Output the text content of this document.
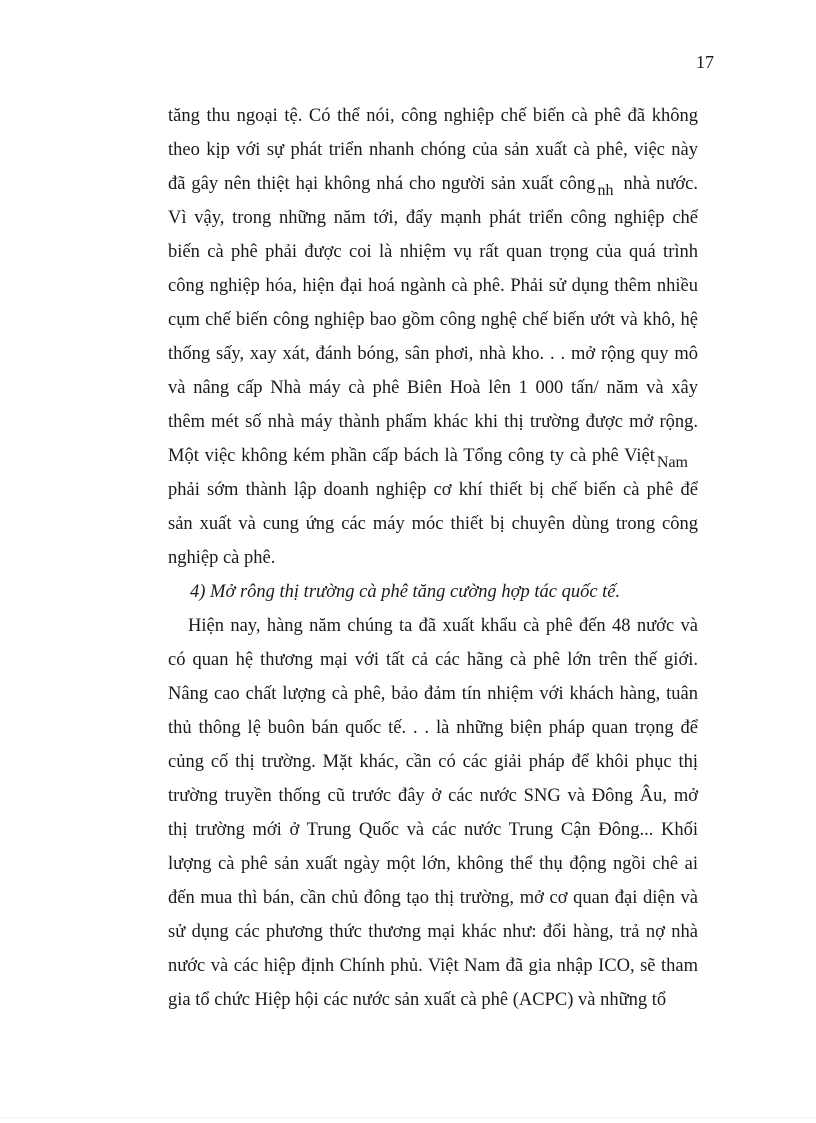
17
tăng thu ngoại tệ. Có thể nói, công nghiệp chế biến cà phê đã không
theo kịp với sự phát triển nhanh chóng của sản xuất cà phê, việc này
đã gây nên thiệt hại không nhá cho người sản xuất công nh nhà nước.
Vì vậy, trong những năm tới, đẩy mạnh phát triển công nghiệp chế
biến cà phê phải được coi là nhiệm vụ rất quan trọng của quá trình
công nghiệp hóa, hiện đại hoá ngành cà phê. Phải sử dụng thêm nhiều
cụm chế biến công nghiệp bao gồm công nghệ chế biến ướt và khô, hệ
thống sấy, xay xát, đánh bóng, sân phơi, nhà kho. . . mở rộng quy mô
và nâng cấp Nhà máy cà phê Biên Hoà lên 1 000 tấn/ năm và xây
thêm mét số nhà máy thành phẩm khác khi thị trường được mở rộng.
Một việc không kém phần cấp bách là Tổng công ty cà phê Việt Nam
phải sớm thành lập doanh nghiệp cơ khí thiết bị chế biến cà phê để
sản xuất và cung ứng các máy móc thiết bị chuyên dùng trong công
nghiệp cà phê.
4) Mở rông thị trường cà phê tăng cường hợp tác quốc tế.
Hiện nay, hàng năm chúng ta đã xuất khẩu cà phê đến 48 nước và
có quan hệ thương mại với tất cả các hãng cà phê lớn trên thế giới.
Nâng cao chất lượng cà phê, bảo đảm tín nhiệm với khách hàng, tuân
thủ thông lệ buôn bán quốc tế. . . là những biện pháp quan trọng để
củng cố thị trường. Mặt khác, cần có các giải pháp để khôi phục thị
trường truyền thống cũ trước đây ở các nước SNG và Đông Âu, mở
thị trường mới ở Trung Quốc và các nước Trung Cận Đông... Khối
lượng cà phê sản xuất ngày một lớn, không thể thụ động ngồi chê ai
đến mua thì bán, cần chủ đông tạo thị trường, mở cơ quan đại diện và
sử dụng các phương thức thương mại khác như: đổi hàng, trả nợ nhà
nước và các hiệp định Chính phủ. Việt Nam đã gia nhập ICO, sẽ tham
gia tổ chức Hiệp hội các nước sản xuất cà phê (ACPC) và những tổ
